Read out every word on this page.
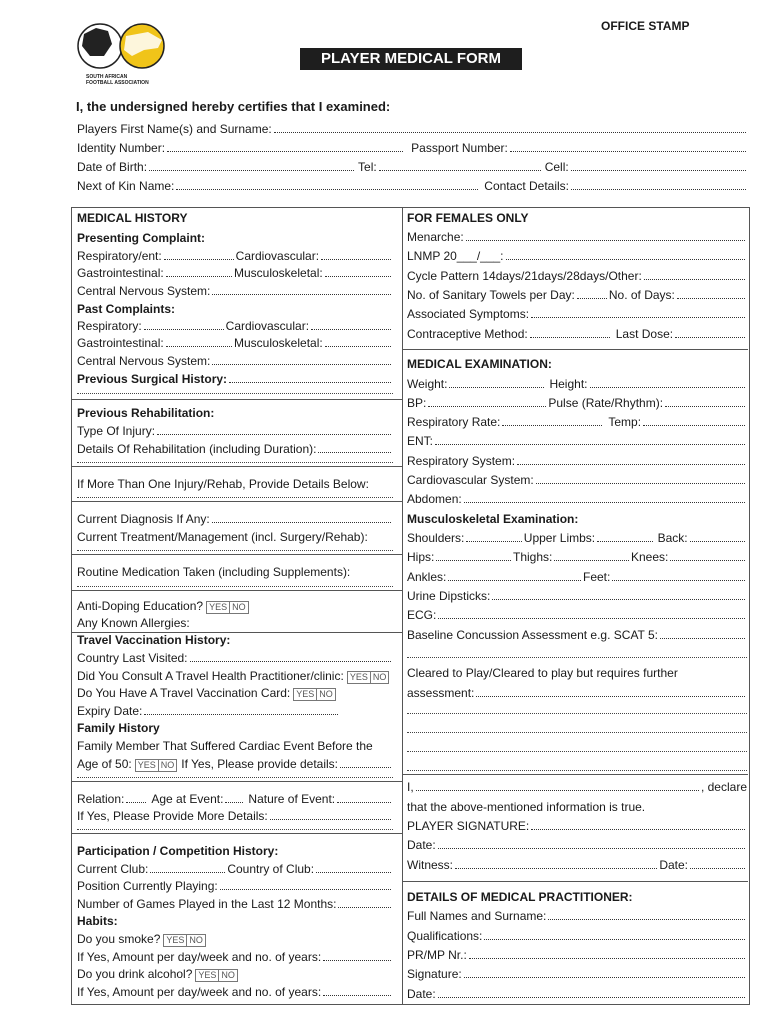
OFFICE STAMP
SOUTH AFRICAN
FOOTBALL ASSOCIATION
PLAYER MEDICAL FORM
I, the undersigned hereby certifies that I examined:
Players First Name(s) and Surname:
Identity Number:	Passport Number:
Date of Birth:	Tel:	Cell:
Next of Kin Name:	Contact Details:
MEDICAL HISTORY
Presenting Complaint:
Respiratory/ent:	Cardiovascular:
Gastrointestinal:	Musculoskeletal:
Central Nervous System:
Past Complaints:
Respiratory:	Cardiovascular:
Gastrointestinal:	Musculoskeletal:
Central Nervous System:
Previous Surgical History:
Previous Rehabilitation:
Type Of Injury:
Details Of Rehabilitation (including Duration):
If More Than One Injury/Rehab, Provide Details Below:
Current Diagnosis If Any:
Current Treatment/Management (incl. Surgery/Rehab):
Routine Medication Taken (including Supplements):
Anti-Doping Education? YES NO
Any Known Allergies:
Travel Vaccination History:
Country Last Visited:
Did You Consult A Travel Health Practitioner/clinic: YES NO
Do You Have A Travel Vaccination Card: YES NO
Expiry Date:
Family History
Family Member That Suffered Cardiac Event Before the
Age of 50: YES NO If Yes, Please provide details:
Relation: Age at Event: Nature of Event:
If Yes, Please Provide More Details:
Participation / Competition History:
Current Club:	Country of Club:
Position Currently Playing:
Number of Games Played in the Last 12 Months:
Habits:
Do you smoke? YES NO
If Yes, Amount per day/week and no. of years:
Do you drink alcohol? YES NO
If Yes, Amount per day/week and no. of years:
FOR FEMALES ONLY
Menarche:
LNMP 20___/___:
Cycle Pattern 14days/21days/28days/Other:
No. of Sanitary Towels per Day:	No. of Days:
Associated Symptoms:
Contraceptive Method:	Last Dose:
MEDICAL EXAMINATION:
Weight:	Height:
BP:	Pulse (Rate/Rhythm):
Respiratory Rate:	Temp:
ENT:
Respiratory System:
Cardiovascular System:
Abdomen:
Musculoskeletal Examination:
Shoulders:	Upper Limbs:	Back:
Hips:	Thighs:	Knees:
Ankles:	Feet:
Urine Dipsticks:
ECG:
Baseline Concussion Assessment e.g. SCAT 5:
Cleared to Play/Cleared to play but requires further
assessment:
I,	, declare
that the above-mentioned information is true.
PLAYER SIGNATURE:
Date:
Witness:	Date:
DETAILS OF MEDICAL PRACTITIONER:
Full Names and Surname:
Qualifications:
PR/MP Nr.:
Signature:
Date:
